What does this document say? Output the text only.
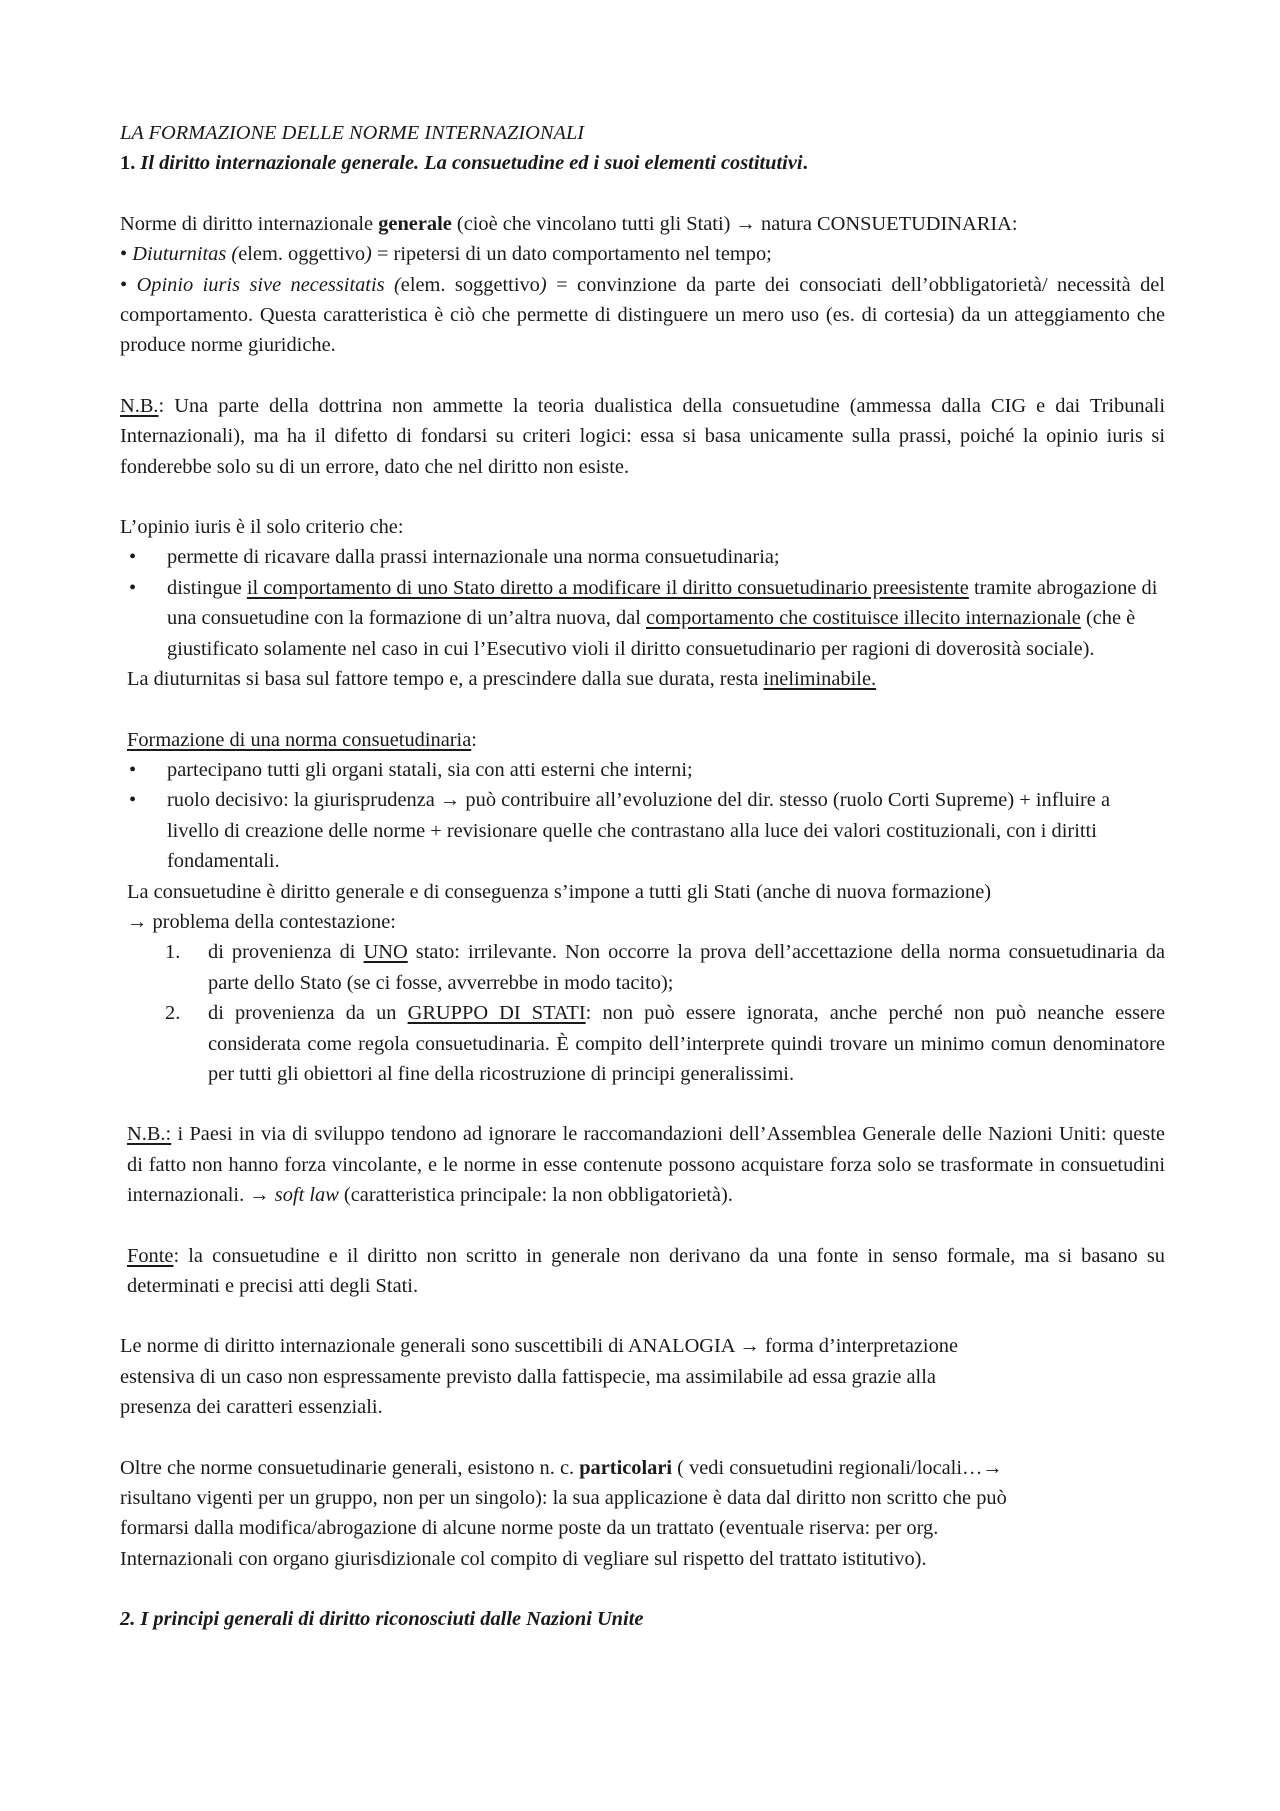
LA FORMAZIONE DELLE NORME INTERNAZIONALI

1. Il diritto internazionale generale. La consuetudine ed i suoi elementi costitutivi.

Norme di diritto internazionale generale (cioè che vincolano tutti gli Stati) → natura CONSUETUDINARIA:

• Diuturnitas (elem. oggettivo) = ripetersi di un dato comportamento nel tempo;

• Opinio iuris sive necessitatis (elem. soggettivo) = convinzione da parte dei consociati dell’obbligatorietà/ necessità del comportamento. Questa caratteristica è ciò che permette di distinguere un mero uso (es. di cortesia) da un atteggiamento che produce norme giuridiche.

N.B.: Una parte della dottrina non ammette la teoria dualistica della consuetudine (ammessa dalla CIG e dai Tribunali Internazionali), ma ha il difetto di fondarsi su criteri logici: essa si basa unicamente sulla prassi, poiché la opinio iuris si fonderebbe solo su di un errore, dato che nel diritto non esiste.

L’opinio iuris è il solo criterio che:

• permette di ricavare dalla prassi internazionale una norma consuetudinaria;
• distingue il comportamento di uno Stato diretto a modificare il diritto consuetudinario preesistente tramite abrogazione di una consuetudine con la formazione di un’altra nuova, dal comportamento che costituisce illecito internazionale (che è giustificato solamente nel caso in cui l’Esecutivo violi il diritto consuetudinario per ragioni di doverosità sociale).

La diuturnitas si basa sul fattore tempo e, a prescindere dalla sue durata, resta ineliminabile.

Formazione di una norma consuetudinaria:

• partecipano tutti gli organi statali, sia con atti esterni che interni;
• ruolo decisivo: la giurisprudenza → può contribuire all’evoluzione del dir. stesso (ruolo Corti Supreme) + influire a livello di creazione delle norme + revisionare quelle che contrastano alla luce dei valori costituzionali, con i diritti fondamentali.

La consuetudine è diritto generale e di conseguenza s’impone a tutti gli Stati (anche di nuova formazione)

→ problema della contestazione:

1. di provenienza di UNO stato: irrilevante. Non occorre la prova dell’accettazione della norma consuetudinaria da parte dello Stato (se ci fosse, avverrebbe in modo tacito);
2. di provenienza da un GRUPPO DI STATI: non può essere ignorata, anche perché non può neanche essere considerata come regola consuetudinaria. È compito dell’interprete quindi trovare un minimo comun denominatore per tutti gli obiettori al fine della ricostruzione di principi generalissimi.

N.B.: i Paesi in via di sviluppo tendono ad ignorare le raccomandazioni dell’Assemblea Generale delle Nazioni Uniti: queste di fatto non hanno forza vincolante, e le norme in esse contenute possono acquistare forza solo se trasformate in consuetudini internazionali. → soft law (caratteristica principale: la non obbligatorietà).

Fonte: la consuetudine e il diritto non scritto in generale non derivano da una fonte in senso formale, ma si basano su determinati e precisi atti degli Stati.

Le norme di diritto internazionale generali sono suscettibili di ANALOGIA → forma d’interpretazione

estensiva di un caso non espressamente previsto dalla fattispecie, ma assimilabile ad essa grazie alla

presenza dei caratteri essenziali.

Oltre che norme consuetudinarie generali, esistono n. c. particolari ( vedi consuetudini regionali/locali…→

risultano vigenti per un gruppo, non per un singolo): la sua applicazione è data dal diritto non scritto che può

formarsi dalla modifica/abrogazione di alcune norme poste da un trattato (eventuale riserva: per org.

Internazionali con organo giurisdizionale col compito di vegliare sul rispetto del trattato istitutivo).

2. I principi generali di diritto riconosciuti dalle Nazioni Unite
